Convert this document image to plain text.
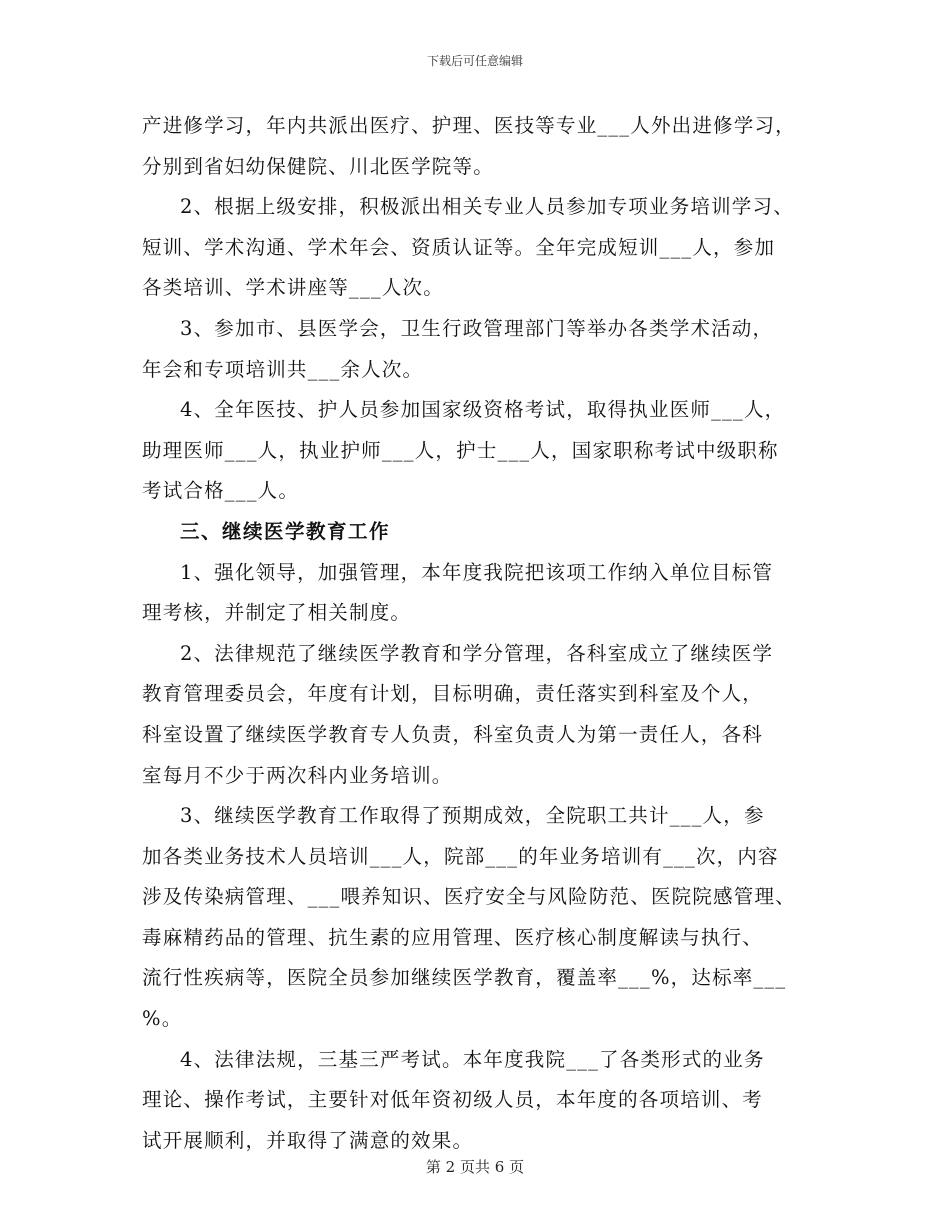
下载后可任意编辑
产进修学习，年内共派出医疗、护理、医技等专业___人外出进修学习，
分别到省妇幼保健院、川北医学院等。
2、根据上级安排，积极派出相关专业人员参加专项业务培训学习、
短训、学术沟通、学术年会、资质认证等。全年完成短训___人，参加
各类培训、学术讲座等___人次。
3、参加市、县医学会，卫生行政管理部门等举办各类学术活动，
年会和专项培训共___余人次。
4、全年医技、护人员参加国家级资格考试，取得执业医师___人，
助理医师___人，执业护师___人，护士___人，国家职称考试中级职称
考试合格___人。
三、继续医学教育工作
1、强化领导，加强管理，本年度我院把该项工作纳入单位目标管
理考核，并制定了相关制度。
2、法律规范了继续医学教育和学分管理，各科室成立了继续医学
教育管理委员会，年度有计划，目标明确，责任落实到科室及个人，
科室设置了继续医学教育专人负责，科室负责人为第一责任人，各科
室每月不少于两次科内业务培训。
3、继续医学教育工作取得了预期成效，全院职工共计___人，参
加各类业务技术人员培训___人，院部___的年业务培训有___次，内容
涉及传染病管理、___喂养知识、医疗安全与风险防范、医院院感管理、
毒麻精药品的管理、抗生素的应用管理、医疗核心制度解读与执行、
流行性疾病等，医院全员参加继续医学教育，覆盖率___%，达标率___
%。
4、法律法规，三基三严考试。本年度我院___了各类形式的业务
理论、操作考试，主要针对低年资初级人员，本年度的各项培训、考
试开展顺利，并取得了满意的效果。
第 2 页共 6 页
